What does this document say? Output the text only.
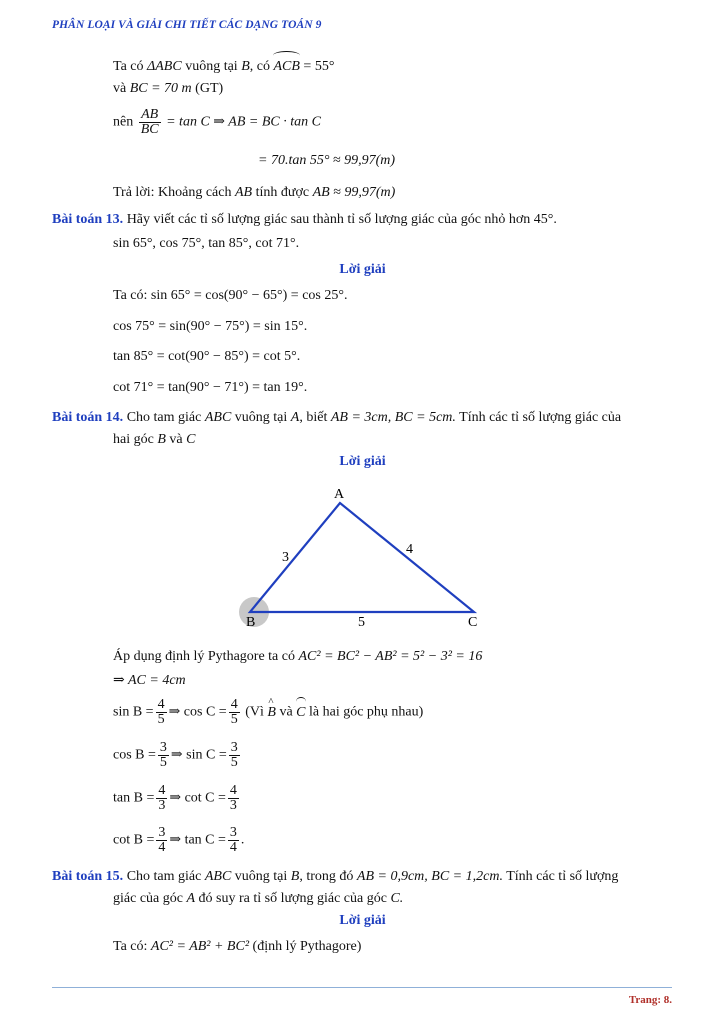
PHÂN LOẠI VÀ GIẢI CHI TIẾT CÁC DẠNG TOÁN 9
Ta có ΔABC vuông tại B, có
ACB = 55°
và BC = 70 m (GT)
nên $\frac{AB}{BC} = \tan C$ ⇒ AB = BC · tan C
= 70.tan 55° ≈ 99,97(m)
Trả lời: Khoảng cách AB tính được AB ≈ 99,97(m)
Bài toán 13. Hãy viết các tỉ số lượng giác sau thành tỉ số lượng giác của góc nhỏ hơn 45°.
sin 65°, cos 75°, tan 85°, cot 71°.
Lời giải
Ta có: sin 65° = cos(90° − 65°) = cos 25°.
cos 75° = sin(90° − 75°) = sin 15°.
tan 85° = cot(90° − 85°) = cot 5°.
cot 71° = tan(90° − 71°) = tan 19°.
Bài toán 14. Cho tam giác ABC vuông tại A, biết AB = 3cm, BC = 5cm. Tính các tỉ số lượng giác của
hai góc B và C
Lời giải
A
B	C
3
4
5
Áp dụng định lý Pythagore ta có AC² = BC² − AB² = 5² − 3² = 16
⇒ AC = 4cm
$\sin B = \frac{4}{5}$ ⇒ $\cos C = \frac{4}{5}$ (Vì ^ B và
C là hai góc phụ nhau)
$\cos B = \frac{3}{5}$ ⇒ $\sin C = \frac{3}{5}$
$\tan B = \frac{4}{3}$ ⇒ $\cot C = \frac{4}{3}$
$\cot B = \frac{3}{4}$ ⇒ $\tan C = \frac{3}{4}$ .
Bài toán 15. Cho tam giác ABC vuông tại B, trong đó AB = 0,9cm, BC = 1,2cm. Tính các tỉ số lượng
giác của góc A đó suy ra tỉ số lượng giác của góc C.
Lời giải
Ta có: AC² = AB² + BC² (định lý Pythagore)
Trang: 8.
